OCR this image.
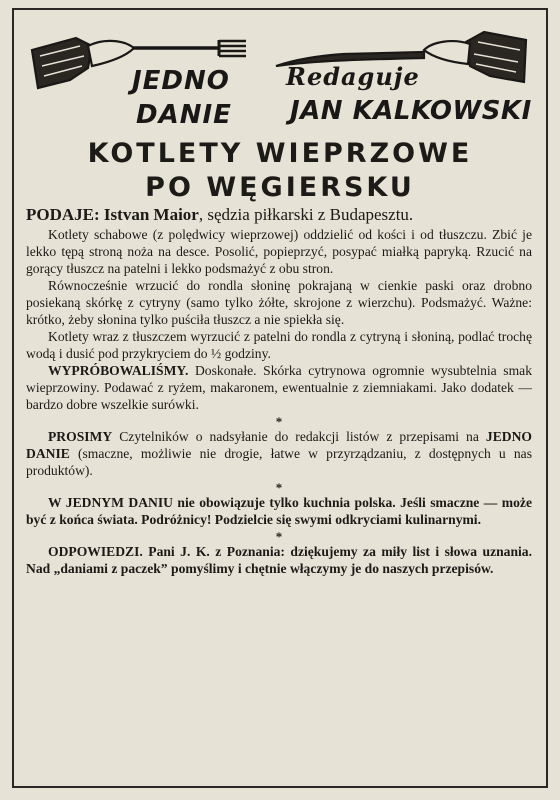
JEDNO
DANIE
Redaguje
JAN KALKOWSKI
KOTLETY WIEPRZOWE
PO WĘGIERSKU

PODAJE: Istvan Maior, sędzia piłkarski z Budapesztu.

Kotlety schabowe (z polędwicy wieprzowej) oddzielić od kości i od tłuszczu. Zbić je lekko tępą stroną noża na desce. Posolić, popieprzyć, posypać miałką papryką. Rzucić na gorący tłuszcz na patelni i lekko podsmażyć z obu stron.

Równocześnie wrzucić do rondla słoninę pokrajaną w cienkie paski oraz drobno posiekaną skórkę z cytryny (samo tylko żółte, skrojone z wierzchu). Podsmażyć. Ważne: krótko, żeby słonina tylko puściła tłuszcz a nie spiekła się.

Kotlety wraz z tłuszczem wyrzucić z patelni do rondla z cytryną i słoniną, podlać trochę wodą i dusić pod przykryciem do ½ godziny.

WYPRÓBOWALIŚMY. Doskonałe. Skórka cytrynowa ogromnie wysubtelnia smak wieprzowiny. Podawać z ryżem, makaronem, ewentualnie z ziemniakami. Jako dodatek — bardzo dobre wszelkie surówki.

*

PROSIMY Czytelników o nadsyłanie do redakcji listów z przepisami na JEDNO DANIE (smaczne, możliwie nie drogie, łatwe w przyrządzaniu, z dostępnych u nas produktów).

*

W JEDNYM DANIU nie obowiązuje tylko kuchnia polska. Jeśli smaczne — może być z końca świata. Podróżnicy! Podzielcie się swymi odkryciami kulinarnymi.

*

ODPOWIEDZI. Pani J. K. z Poznania: dziękujemy za miły list i słowa uznania. Nad „daniami z paczek” pomyślimy i chętnie włączymy je do naszych przepisów.
